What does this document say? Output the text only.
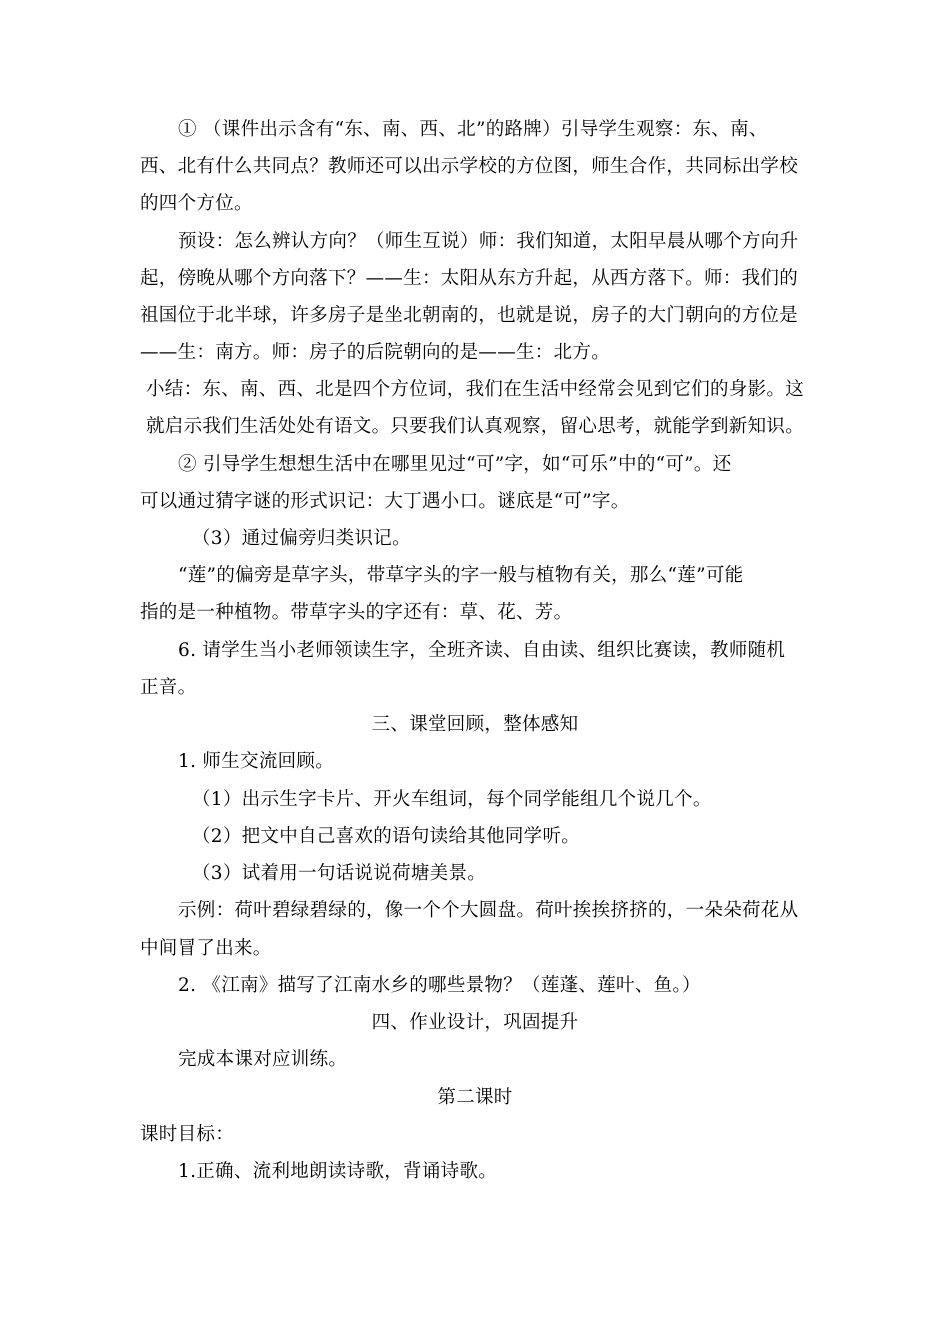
① （课件出示含有“东、南、西、北”的路牌）引导学生观察：东、南、
西、北有什么共同点？教师还可以出示学校的方位图，师生合作，共同标出学校
的四个方位。
预设：怎么辨认方向？（师生互说）师：我们知道，太阳早晨从哪个方向升
起，傍晚从哪个方向落下？——生：太阳从东方升起，从西方落下。师：我们的
祖国位于北半球，许多房子是坐北朝南的，也就是说，房子的大门朝向的方位是
——生：南方。师：房子的后院朝向的是——生：北方。
小结：东、南、西、北是四个方位词，我们在生活中经常会见到它们的身影。这
就启示我们生活处处有语文。只要我们认真观察，留心思考，就能学到新知识。
② 引导学生想想生活中在哪里见过“可”字，如“可乐”中的“可”。还
可以通过猜字谜的形式识记：大丁遇小口。谜底是“可”字。
（3）通过偏旁归类识记。
“莲”的偏旁是草字头，带草字头的字一般与植物有关，那么“莲”可能
指的是一种植物。带草字头的字还有：草、花、芳。
6. 请学生当小老师领读生字，全班齐读、自由读、组织比赛读，教师随机
正音。
三、课堂回顾，整体感知
1. 师生交流回顾。
（1）出示生字卡片、开火车组词，每个同学能组几个说几个。
（2）把文中自己喜欢的语句读给其他同学听。
（3）试着用一句话说说荷塘美景。
示例：荷叶碧绿碧绿的，像一个个大圆盘。荷叶挨挨挤挤的，一朵朵荷花从
中间冒了出来。
2. 《江南》描写了江南水乡的哪些景物？（莲蓬、莲叶、鱼。）
四、作业设计，巩固提升
完成本课对应训练。
第二课时
课时目标：
1.正确、流利地朗读诗歌，背诵诗歌。
